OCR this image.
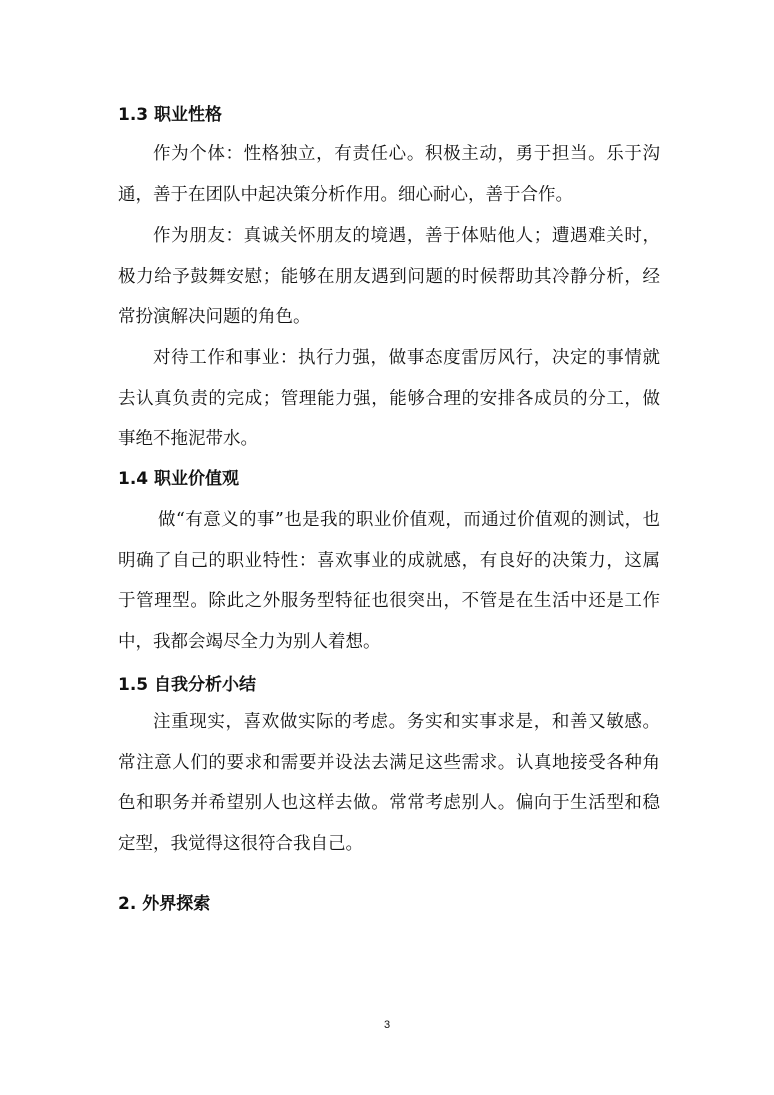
1.3 职业性格

作为个体：性格独立，有责任心。积极主动，勇于担当。乐于沟通，善于在团队中起决策分析作用。细心耐心，善于合作。

作为朋友：真诚关怀朋友的境遇，善于体贴他人；遭遇难关时，极力给予鼓舞安慰；能够在朋友遇到问题的时候帮助其冷静分析，经常扮演解决问题的角色。

对待工作和事业：执行力强，做事态度雷厉风行，决定的事情就去认真负责的完成；管理能力强，能够合理的安排各成员的分工，做事绝不拖泥带水。

1.4 职业价值观

做“有意义的事”也是我的职业价值观，而通过价值观的测试，也明确了自己的职业特性：喜欢事业的成就感，有良好的决策力，这属于管理型。除此之外服务型特征也很突出，不管是在生活中还是工作中，我都会竭尽全力为别人着想。

1.5 自我分析小结

注重现实，喜欢做实际的考虑。务实和实事求是，和善又敏感。常注意人们的要求和需要并设法去满足这些需求。认真地接受各种角色和职务并希望别人也这样去做。常常考虑别人。偏向于生活型和稳定型，我觉得这很符合我自己。

2. 外界探索
3
